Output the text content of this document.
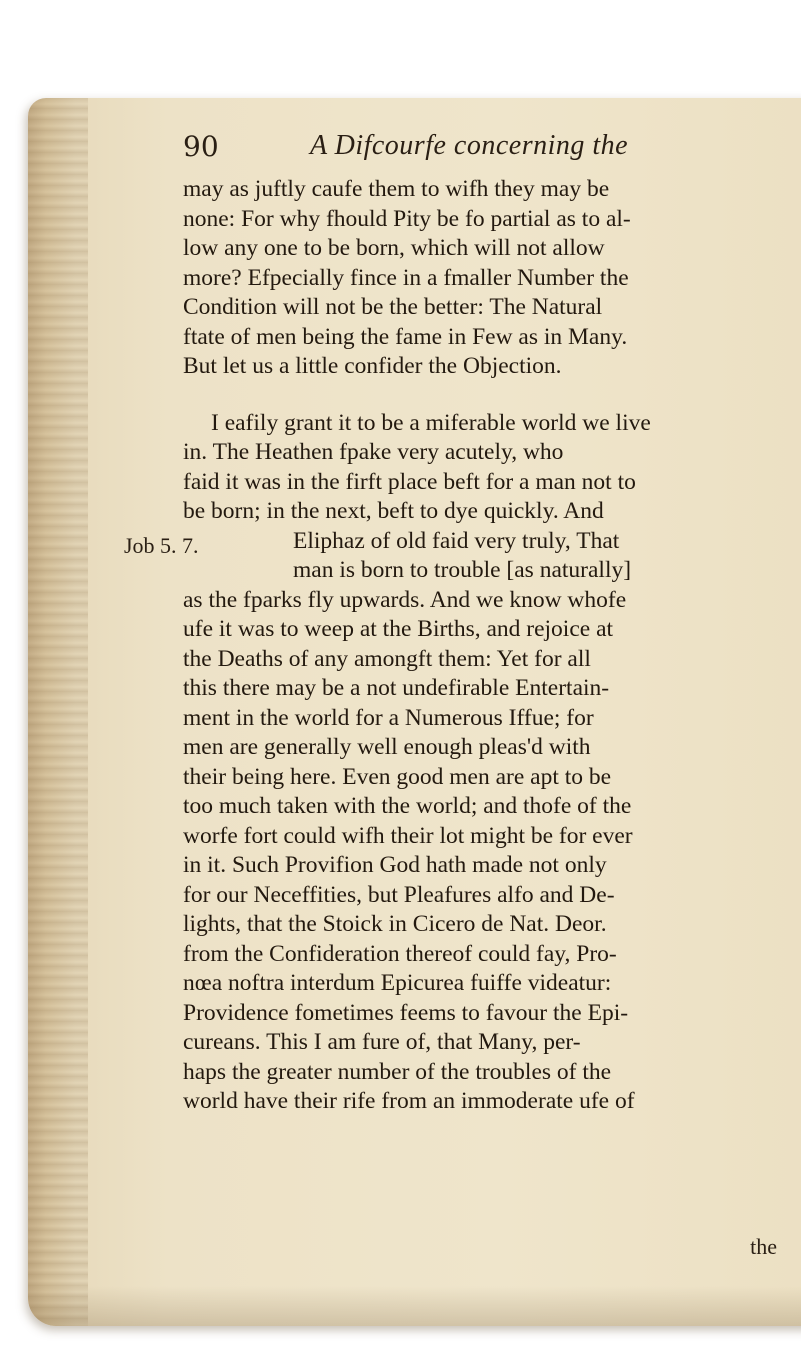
90	A Difcourfe concerning the
Job 5. 7.

may as juftly caufe them to wifh they may be
none: For why fhould Pity be fo partial as to al-
low any one to be born, which will not allow
more? Efpecially fince in a fmaller Number the
Condition will not be the better: The Natural
ftate of men being the fame in Few as in Many.
But let us a little confider the Objection.

I eafily grant it to be a miferable world we live
in. The Heathen fpake very acutely, who
faid it was in the firft place beft for a man not to
be born; in the next, beft to dye quickly. And
Eliphaz of old faid very truly, That
man is born to trouble [as naturally]
as the fparks fly upwards. And we know whofe
ufe it was to weep at the Births, and rejoice at
the Deaths of any amongft them: Yet for all
this there may be a not undefirable Entertain-
ment in the world for a Numerous Iffue; for
men are generally well enough pleas'd with
their being here. Even good men are apt to be
too much taken with the world; and thofe of the
worfe fort could wifh their lot might be for ever
in it. Such Provifion God hath made not only
for our Neceffities, but Pleafures alfo and De-
lights, that the Stoick in Cicero de Nat. Deor.
from the Confideration thereof could fay, Pro-
nœa noftra interdum Epicurea fuiffe videatur:
Providence fometimes feems to favour the Epi-
cureans. This I am fure of, that Many, per-
haps the greater number of the troubles of the
world have their rife from an immoderate ufe of

the
